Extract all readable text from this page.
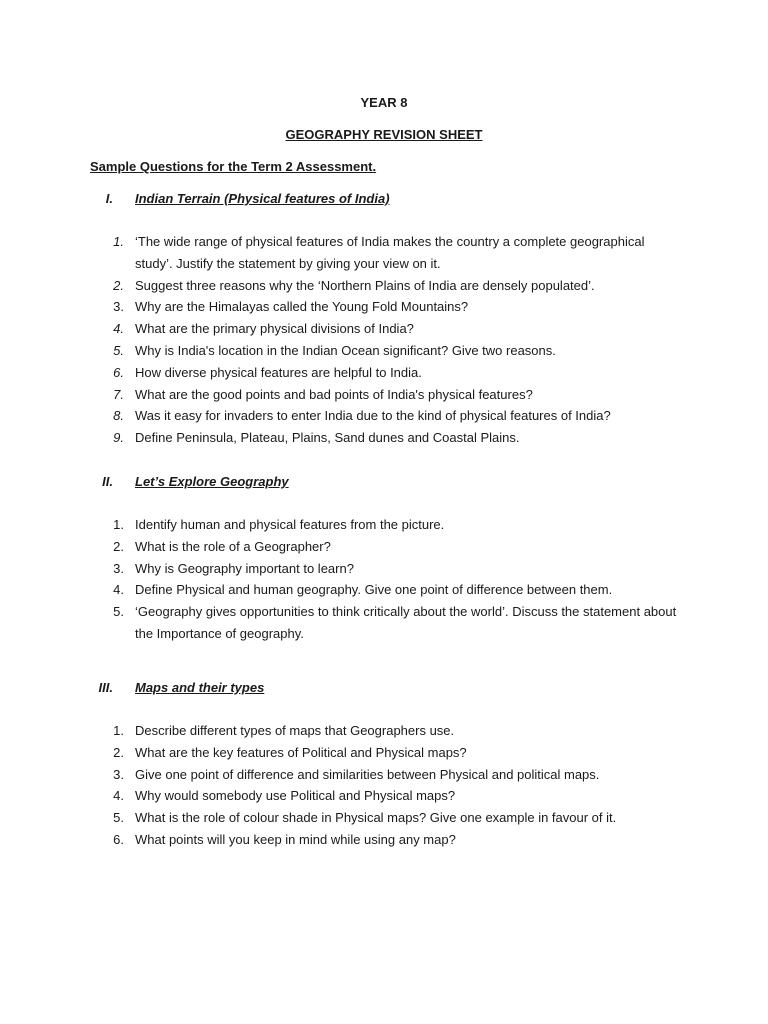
YEAR 8
GEOGRAPHY REVISION SHEET
Sample Questions for the Term 2 Assessment.
I. Indian Terrain (Physical features of India)
1. ‘The wide range of physical features of India makes the country a complete geographical study’. Justify the statement by giving your view on it.
2. Suggest three reasons why the ‘Northern Plains of India are densely populated’.
3. Why are the Himalayas called the Young Fold Mountains?
4. What are the primary physical divisions of India?
5. Why is India's location in the Indian Ocean significant? Give two reasons.
6. How diverse physical features are helpful to India.
7. What are the good points and bad points of India's physical features?
8. Was it easy for invaders to enter India due to the kind of physical features of India?
9. Define Peninsula, Plateau, Plains, Sand dunes and Coastal Plains.
II. Let’s Explore Geography
1. Identify human and physical features from the picture.
2. What is the role of a Geographer?
3. Why is Geography important to learn?
4. Define Physical and human geography. Give one point of difference between them.
5. ‘Geography gives opportunities to think critically about the world’. Discuss the statement about the Importance of geography.
III. Maps and their types
1. Describe different types of maps that Geographers use.
2. What are the key features of Political and Physical maps?
3. Give one point of difference and similarities between Physical and political maps.
4. Why would somebody use Political and Physical maps?
5. What is the role of colour shade in Physical maps? Give one example in favour of it.
6. What points will you keep in mind while using any map?
